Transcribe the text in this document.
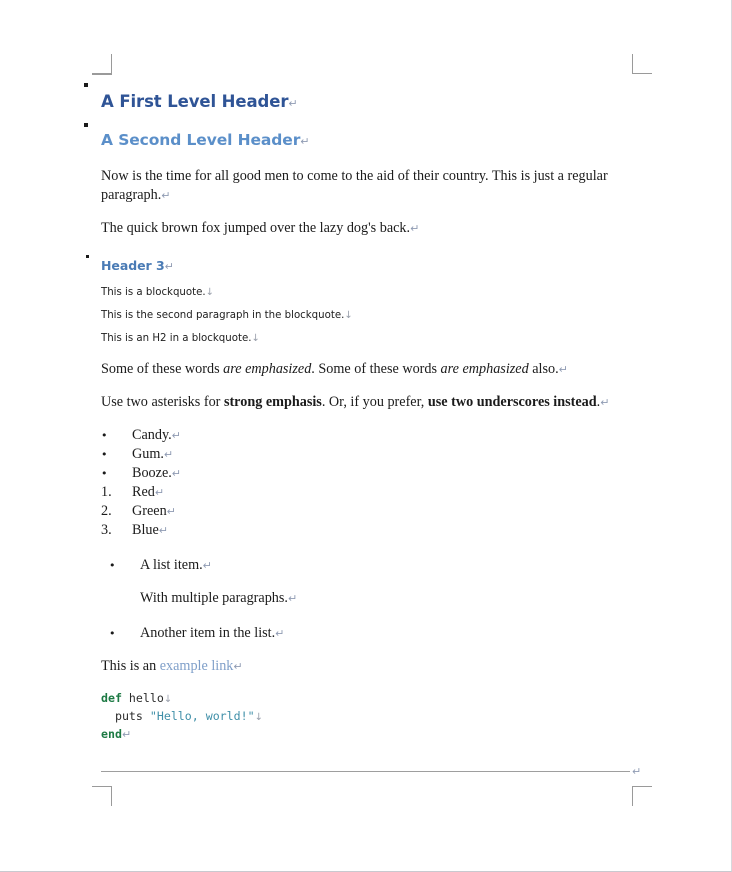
A First Level Header↵
A Second Level Header↵

Now is the time for all good men to come to the aid of their country. This is just a regular paragraph.↵

The quick brown fox jumped over the lazy dog's back.↵

Header 3↵
This is a blockquote.↓
This is the second paragraph in the blockquote.↓
This is an H2 in a blockquote.↓

Some of these words are emphasized. Some of these words are emphasized also.↵

Use two asterisks for strong emphasis. Or, if you prefer, use two underscores instead.↵

•	Candy.↵
•	Gum.↵
•	Booze.↵
1.	Red↵
2.	Green↵
3.	Blue↵
•	A list item.↵
With multiple paragraphs.↵
•	Another item in the list.↵

This is an example link↵

def hello↓
puts "Hello, world!"↓
end↵
↵
